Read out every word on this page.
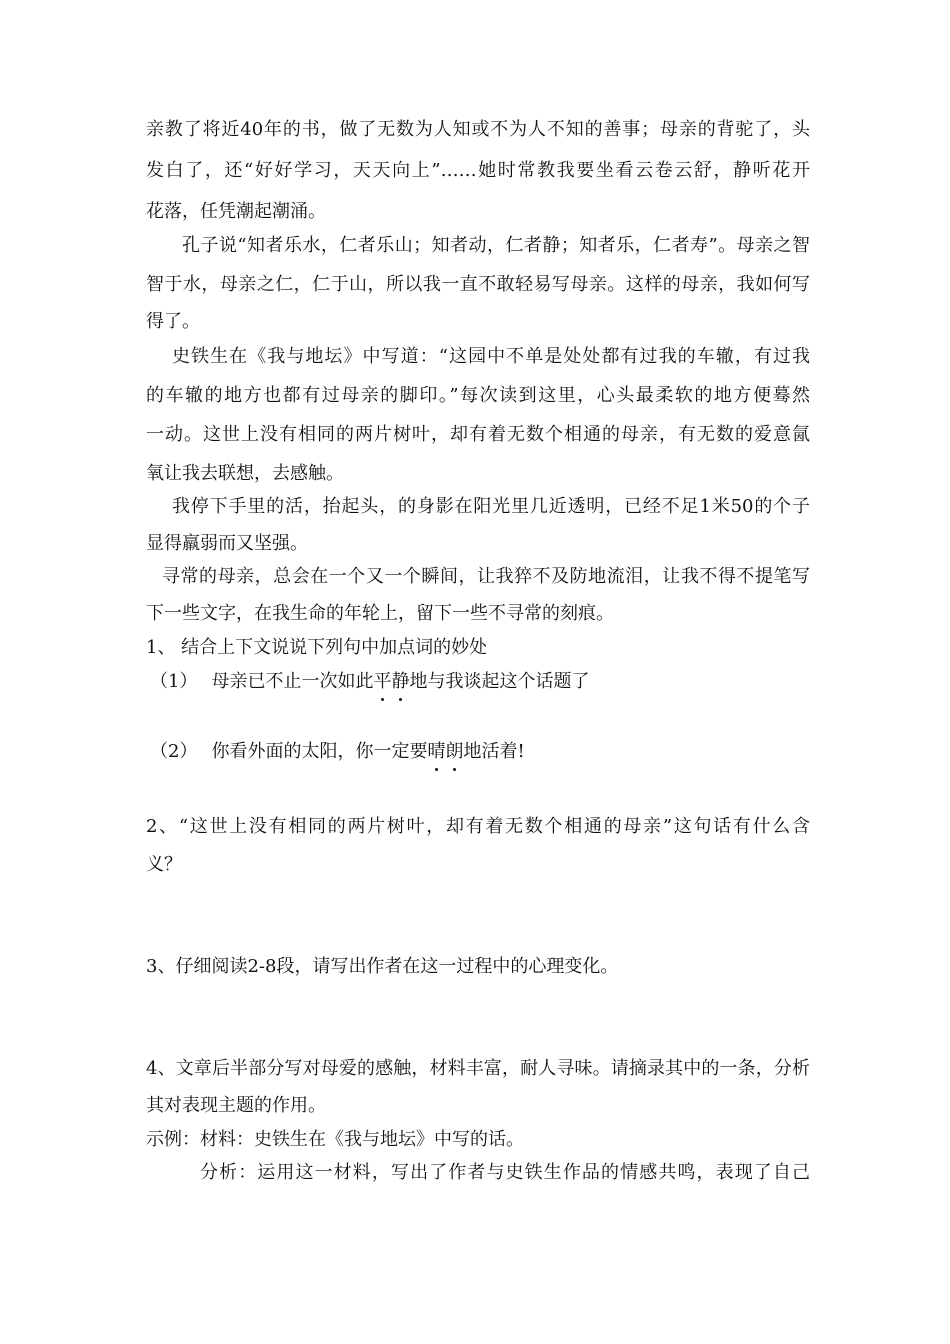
亲教了将近40年的书，做了无数为人知或不为人不知的善事；母亲的背驼了，头
发白了，还“好好学习，天天向上”……她时常教我要坐看云卷云舒，静听花开
花落，任凭潮起潮涌。
孔子说“知者乐水，仁者乐山；知者动，仁者静；知者乐，仁者寿”。母亲之智
智于水，母亲之仁，仁于山，所以我一直不敢轻易写母亲。这样的母亲，我如何写
得了。
史铁生在《我与地坛》中写道：“这园中不单是处处都有过我的车辙，有过我
的车辙的地方也都有过母亲的脚印。”每次读到这里，心头最柔软的地方便蓦然
一动。这世上没有相同的两片树叶，却有着无数个相通的母亲，有无数的爱意氤
氧让我去联想，去感触。
我停下手里的活，抬起头，的身影在阳光里几近透明，已经不足1米50的个子
显得羸弱而又坚强。
寻常的母亲，总会在一个又一个瞬间，让我猝不及防地流泪，让我不得不提笔写
下一些文字，在我生命的年轮上，留下一些不寻常的刻痕。
1、 结合上下文说说下列句中加点词的妙处
（1） 母亲已不止一次如此平静地与我谈起这个话题了
（2） 你看外面的太阳，你一定要晴朗地活着!
2、“这世上没有相同的两片树叶，却有着无数个相通的母亲”这句话有什么含
义？
3、仔细阅读2-8段，请写出作者在这一过程中的心理变化。
4、文章后半部分写对母爱的感触，材料丰富，耐人寻味。请摘录其中的一条，分析
其对表现主题的作用。
示例：材料：史铁生在《我与地坛》中写的话。
分析：运用这一材料，写出了作者与史铁生作品的情感共鸣，表现了自己
